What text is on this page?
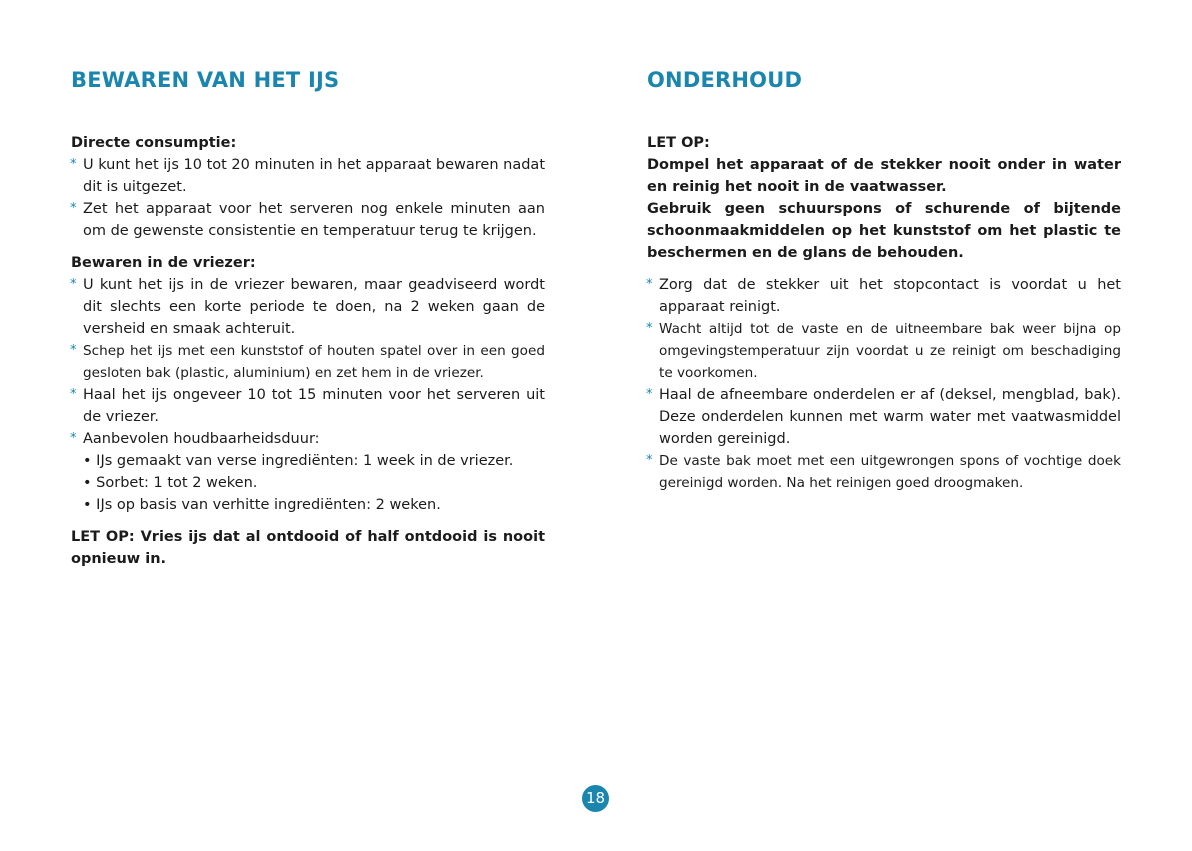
BEWAREN VAN HET IJS

Directe consumptie:

* U kunt het ijs 10 tot 20 minuten in het apparaat bewaren nadat dit is uitgezet.
* Zet het apparaat voor het serveren nog enkele minuten aan om de gewenste consistentie en temperatuur terug te krijgen.

Bewaren in de vriezer:

* U kunt het ijs in de vriezer bewaren, maar geadviseerd wordt dit slechts een korte periode te doen, na 2 weken gaan de versheid en smaak achteruit.
* Schep het ijs met een kunststof of houten spatel over in een goed gesloten bak (plastic, aluminium) en zet hem in de vriezer.
* Haal het ijs ongeveer 10 tot 15 minuten voor het serveren uit de vriezer.
* Aanbevolen houdbaarheidsduur:
• IJs gemaakt van verse ingrediënten: 1 week in de vriezer.
• Sorbet: 1 tot 2 weken.
• IJs op basis van verhitte ingrediënten: 2 weken.

LET OP: Vries ijs dat al ontdooid of half ontdooid is nooit opnieuw in.

ONDERHOUD

LET OP:

Dompel het apparaat of de stekker nooit onder in water en reinig het nooit in de vaatwasser.

Gebruik geen schuurspons of schurende of bijtende schoonmaakmiddelen op het kunststof om het plastic te beschermen en de glans de behouden.

* Zorg dat de stekker uit het stopcontact is voordat u het apparaat reinigt.
* Wacht altijd tot de vaste en de uitneembare bak weer bijna op omgevingstemperatuur zijn voordat u ze reinigt om beschadiging te voorkomen.
* Haal de afneembare onderdelen er af (deksel, mengblad, bak). Deze onderdelen kunnen met warm water met vaatwasmiddel worden gereinigd.
* De vaste bak moet met een uitgewrongen spons of vochtige doek gereinigd worden. Na het reinigen goed droogmaken.
18
